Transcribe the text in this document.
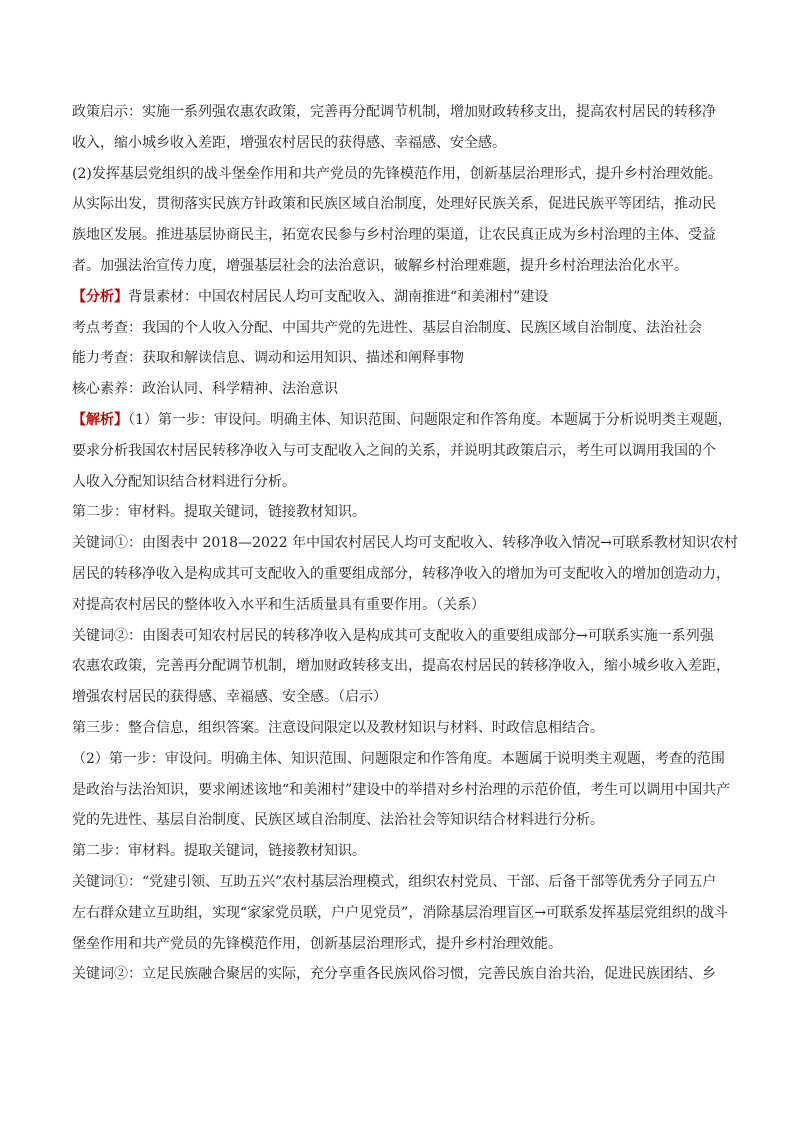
政策启示：实施一系列强农惠农政策，完善再分配调节机制，增加财政转移支出，提高农村居民的转移净
收入，缩小城乡收入差距，增强农村居民的获得感、幸福感、安全感。
(2)发挥基层党组织的战斗堡垒作用和共产党员的先锋模范作用，创新基层治理形式，提升乡村治理效能。
从实际出发，贯彻落实民族方针政策和民族区域自治制度，处理好民族关系，促进民族平等团结，推动民
族地区发展。推进基层协商民主，拓宽农民参与乡村治理的渠道，让农民真正成为乡村治理的主体、受益
者。加强法治宣传力度，增强基层社会的法治意识，破解乡村治理难题，提升乡村治理法治化水平。
【分析】背景素材：中国农村居民人均可支配收入、湖南推进“和美湘村”建设
考点考查：我国的个人收入分配、中国共产党的先进性、基层自治制度、民族区域自治制度、法治社会
能力考查：获取和解读信息、调动和运用知识、描述和阐释事物
核心素养：政治认同、科学精神、法治意识
【解析】（1）第一步：审设问。明确主体、知识范围、问题限定和作答角度。本题属于分析说明类主观题，
要求分析我国农村居民转移净收入与可支配收入之间的关系，并说明其政策启示，考生可以调用我国的个
人收入分配知识结合材料进行分析。
第二步：审材料。提取关键词，链接教材知识。
关键词①：由图表中 2018—2022 年中国农村居民人均可支配收入、转移净收入情况→可联系教材知识农村
居民的转移净收入是构成其可支配收入的重要组成部分，转移净收入的增加为可支配收入的增加创造动力，
对提高农村居民的整体收入水平和生活质量具有重要作用。（关系）
关键词②：由图表可知农村居民的转移净收入是构成其可支配收入的重要组成部分→可联系实施一系列强
农惠农政策，完善再分配调节机制，增加财政转移支出，提高农村居民的转移净收入，缩小城乡收入差距，
增强农村居民的获得感、幸福感、安全感。（启示）
第三步：整合信息，组织答案。注意设问限定以及教材知识与材料、时政信息相结合。
（2）第一步：审设问。明确主体、知识范围、问题限定和作答角度。本题属于说明类主观题，考查的范围
是政治与法治知识，要求阐述该地“和美湘村”建设中的举措对乡村治理的示范价值，考生可以调用中国共产
党的先进性、基层自治制度、民族区域自治制度、法治社会等知识结合材料进行分析。
第二步：审材料。提取关键词，链接教材知识。
关键词①：“党建引领、互助五兴”农村基层治理模式，组织农村党员、干部、后备干部等优秀分子同五户
左右群众建立互助组，实现“家家党员联，户户见党员”，消除基层治理盲区→可联系发挥基层党组织的战斗
堡垒作用和共产党员的先锋模范作用，创新基层治理形式，提升乡村治理效能。
关键词②：立足民族融合聚居的实际，充分享重各民族风俗习惯，完善民族自治共治，促进民族团结、乡
